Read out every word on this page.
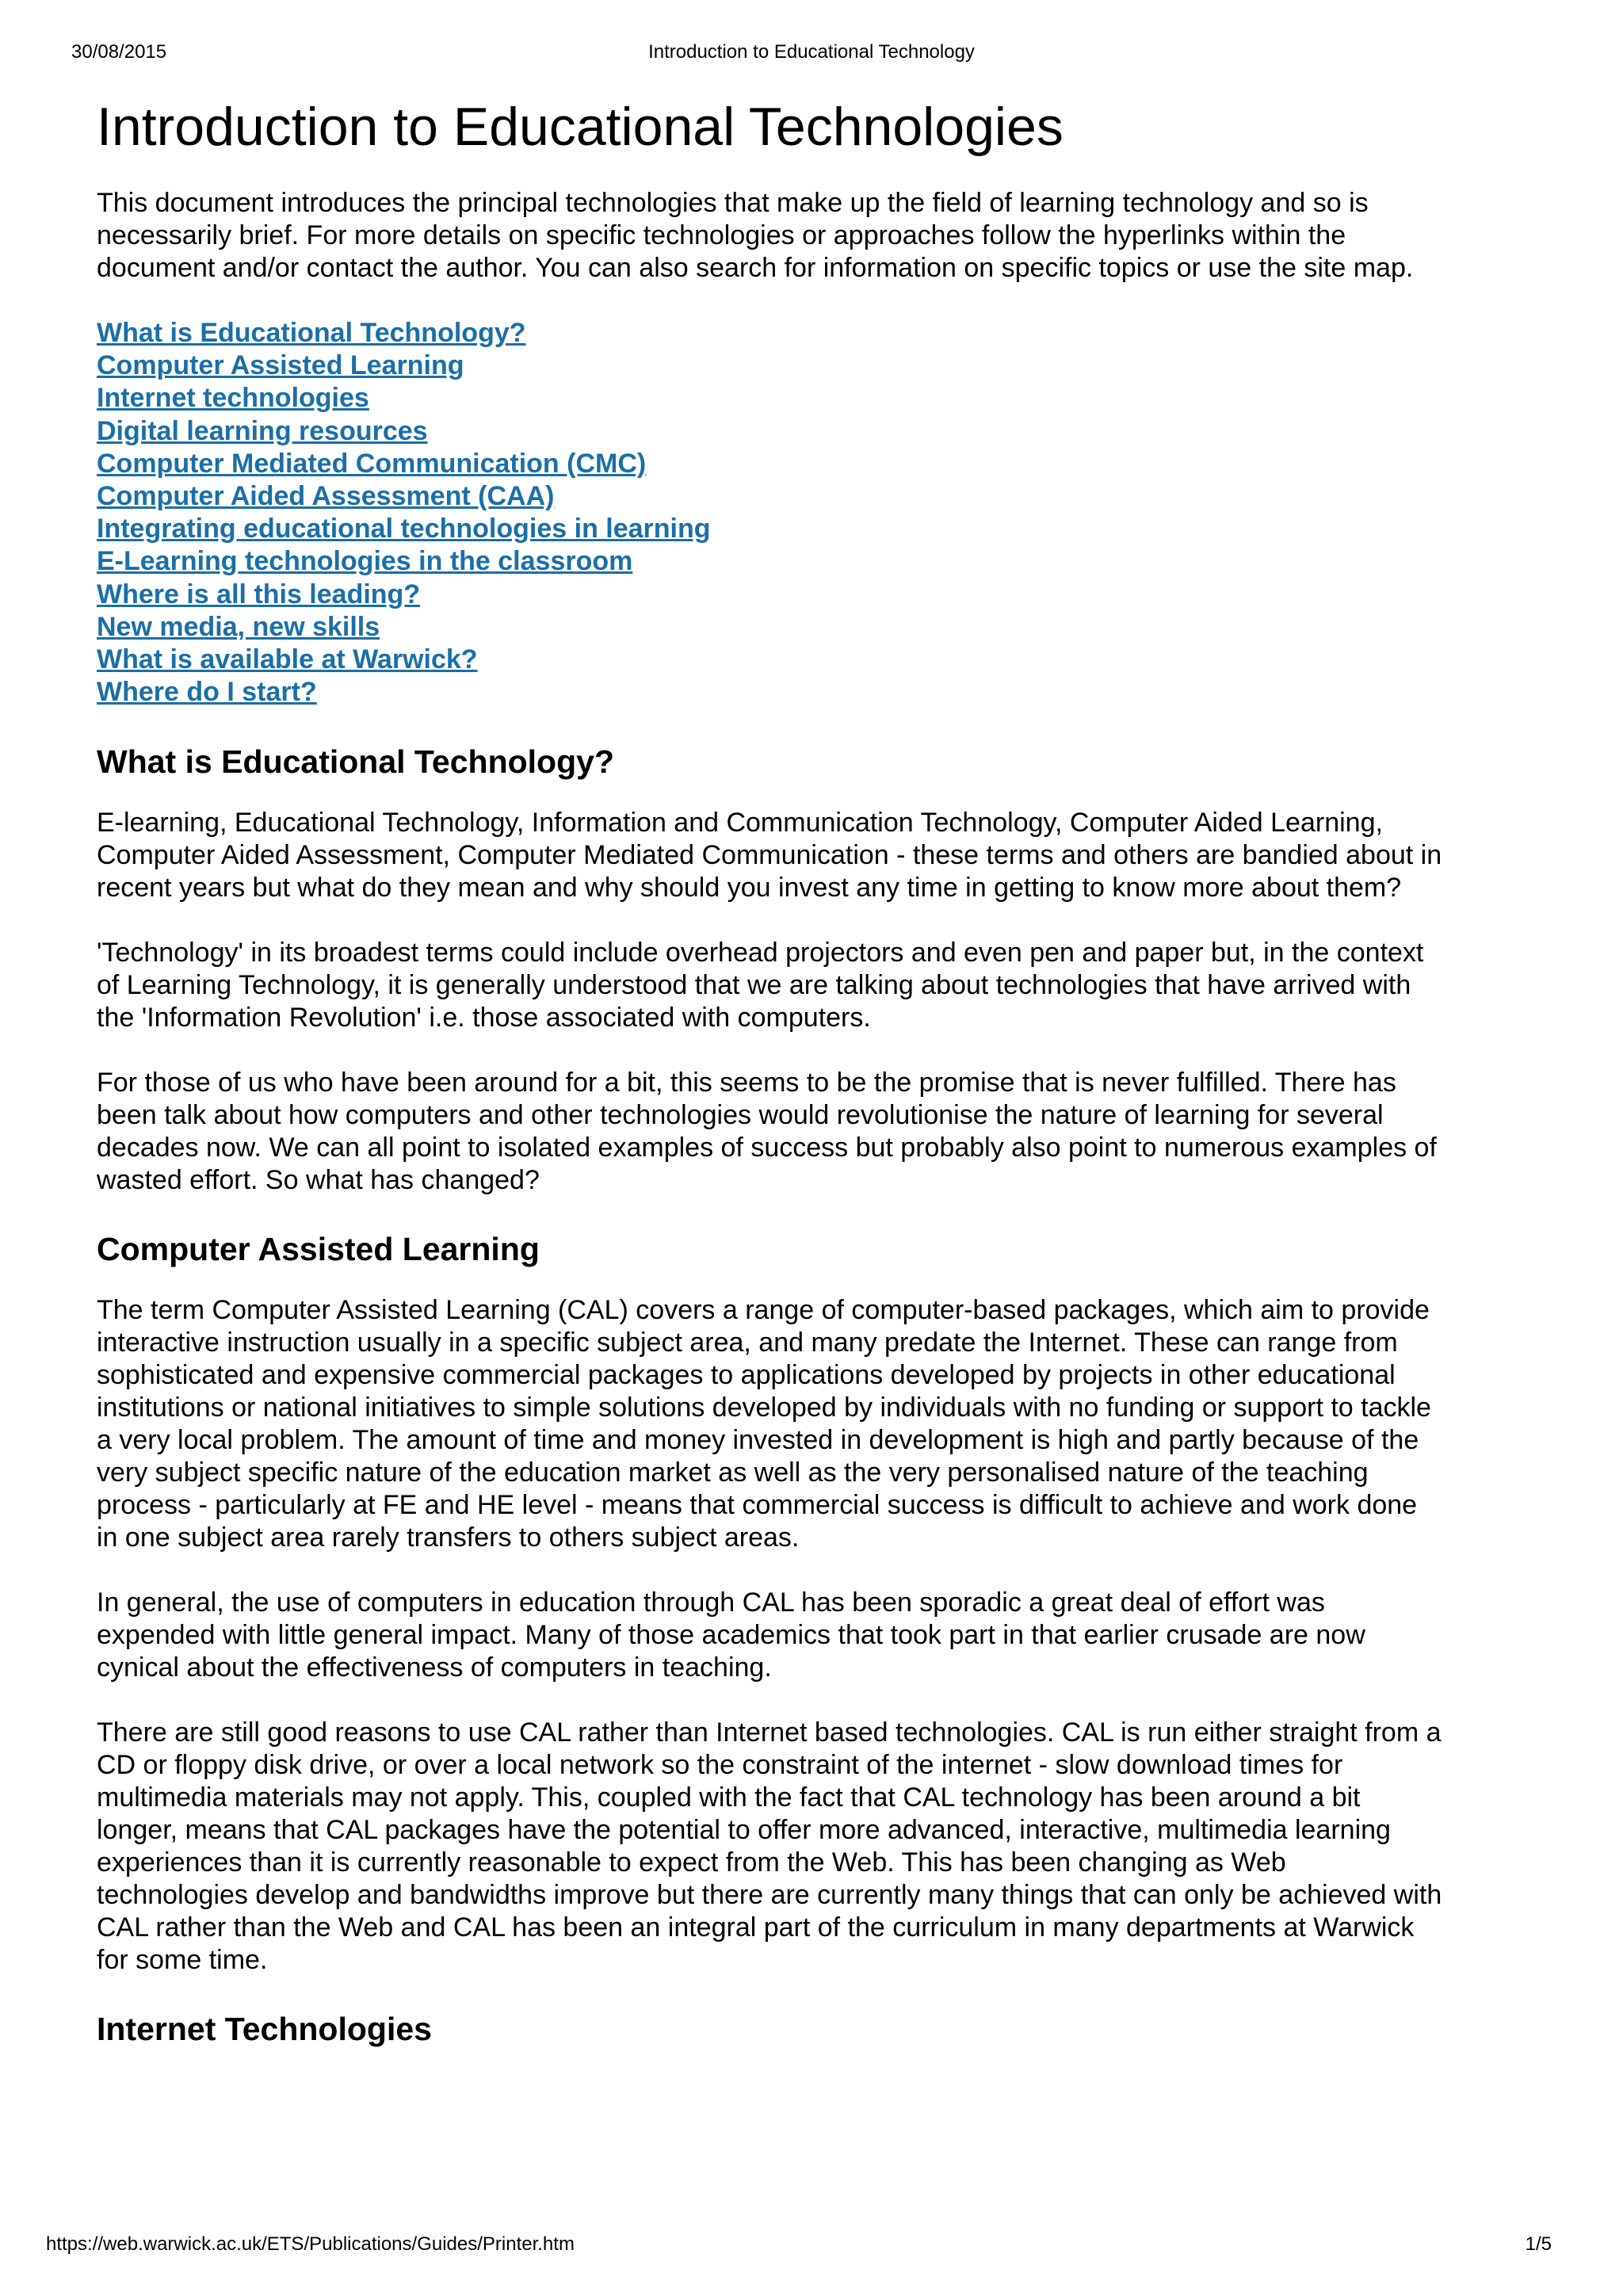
30/08/2015	Introduction to Educational Technology
Introduction to Educational Technologies

This document introduces the principal technologies that make up the field of learning technology and so is necessarily brief. For more details on specific technologies or approaches follow the hyperlinks within the document and/or contact the author. You can also search for information on specific topics or use the site map.

What is Educational Technology?
Computer Assisted Learning
Internet technologies
Digital learning resources
Computer Mediated Communication (CMC)
Computer Aided Assessment (CAA)
Integrating educational technologies in learning
E-Learning technologies in the classroom
Where is all this leading?
New media, new skills
What is available at Warwick?
Where do I start?
What is Educational Technology?

E-learning, Educational Technology, Information and Communication Technology, Computer Aided Learning, Computer Aided Assessment, Computer Mediated Communication - these terms and others are bandied about in recent years but what do they mean and why should you invest any time in getting to know more about them?

'Technology' in its broadest terms could include overhead projectors and even pen and paper but, in the context of Learning Technology, it is generally understood that we are talking about technologies that have arrived with the 'Information Revolution' i.e. those associated with computers.

For those of us who have been around for a bit, this seems to be the promise that is never fulfilled. There has been talk about how computers and other technologies would revolutionise the nature of learning for several decades now. We can all point to isolated examples of success but probably also point to numerous examples of wasted effort. So what has changed?

Computer Assisted Learning

The term Computer Assisted Learning (CAL) covers a range of computer-based packages, which aim to provide interactive instruction usually in a specific subject area, and many predate the Internet. These can range from sophisticated and expensive commercial packages to applications developed by projects in other educational institutions or national initiatives to simple solutions developed by individuals with no funding or support to tackle a very local problem. The amount of time and money invested in development is high and partly because of the very subject specific nature of the education market as well as the very personalised nature of the teaching process - particularly at FE and HE level - means that commercial success is difficult to achieve and work done in one subject area rarely transfers to others subject areas.

In general, the use of computers in education through CAL has been sporadic a great deal of effort was expended with little general impact. Many of those academics that took part in that earlier crusade are now cynical about the effectiveness of computers in teaching.

There are still good reasons to use CAL rather than Internet based technologies. CAL is run either straight from a CD or floppy disk drive, or over a local network so the constraint of the internet - slow download times for multimedia materials may not apply. This, coupled with the fact that CAL technology has been around a bit longer, means that CAL packages have the potential to offer more advanced, interactive, multimedia learning experiences than it is currently reasonable to expect from the Web. This has been changing as Web technologies develop and bandwidths improve but there are currently many things that can only be achieved with CAL rather than the Web and CAL has been an integral part of the curriculum in many departments at Warwick for some time.

Internet Technologies
https://web.warwick.ac.uk/ETS/Publications/Guides/Printer.htm	1/5
